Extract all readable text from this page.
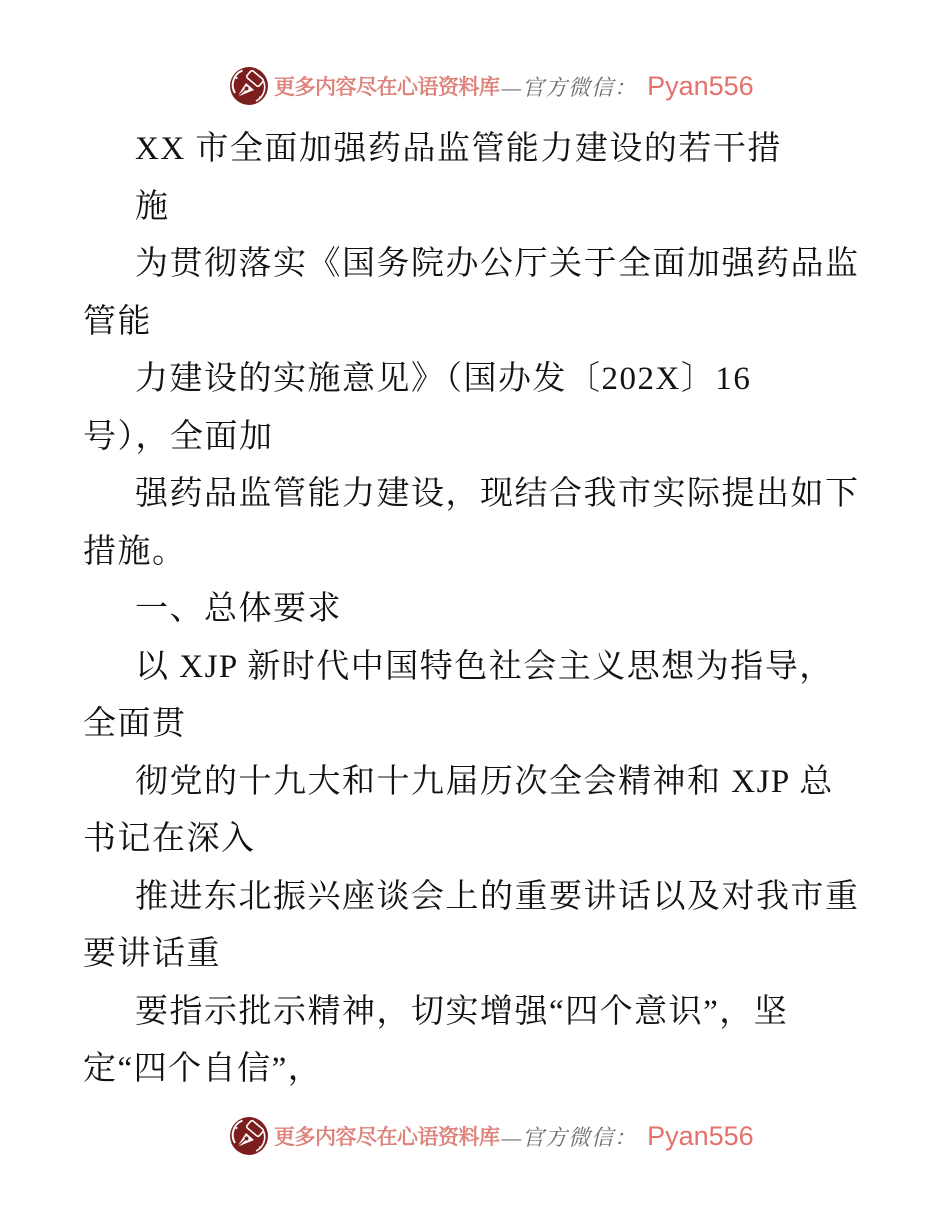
更多内容尽在心语资料库 —官方微信： Pyan556
XX 市全面加强药品监管能力建设的若干措
施
为贯彻落实《国务院办公厅关于全面加强药品监
管能
力建设的实施意见》（国办发〔202X〕16
号），全面加
强药品监管能力建设，现结合我市实际提出如下
措施。
一、总体要求
以 XJP 新时代中国特色社会主义思想为指导，
全面贯
彻党的十九大和十九届历次全会精神和 XJP 总
书记在深入
推进东北振兴座谈会上的重要讲话以及对我市重
要讲话重
要指示批示精神，切实增强“四个意识”，坚
定“四个自信”，
更多内容尽在心语资料库 —官方微信： Pyan556
